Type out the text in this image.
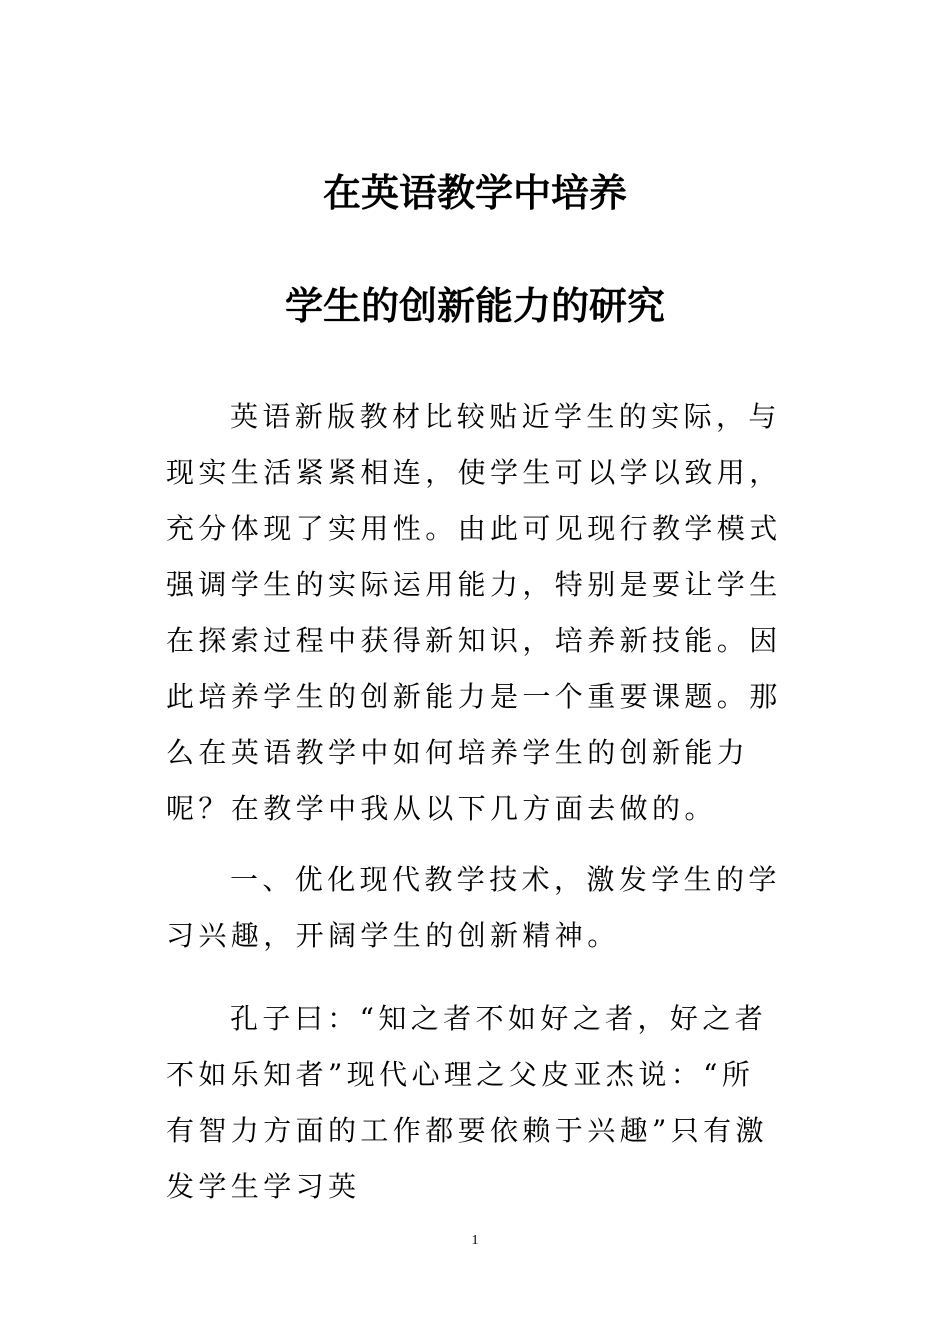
在英语教学中培养
学生的创新能力的研究

英语新版教材比较贴近学生的实际，与现实生活紧紧相连，使学生可以学以致用，充分体现了实用性。由此可见现行教学模式强调学生的实际运用能力，特别是要让学生在探索过程中获得新知识，培养新技能。因此培养学生的创新能力是一个重要课题。那么在英语教学中如何培养学生的创新能力呢？在教学中我从以下几方面去做的。

一、优化现代教学技术，激发学生的学习兴趣，开阔学生的创新精神。

孔子曰：“知之者不如好之者，好之者不如乐知者”现代心理之父皮亚杰说：“所有智力方面的工作都要依赖于兴趣”只有激发学生学习英

1
